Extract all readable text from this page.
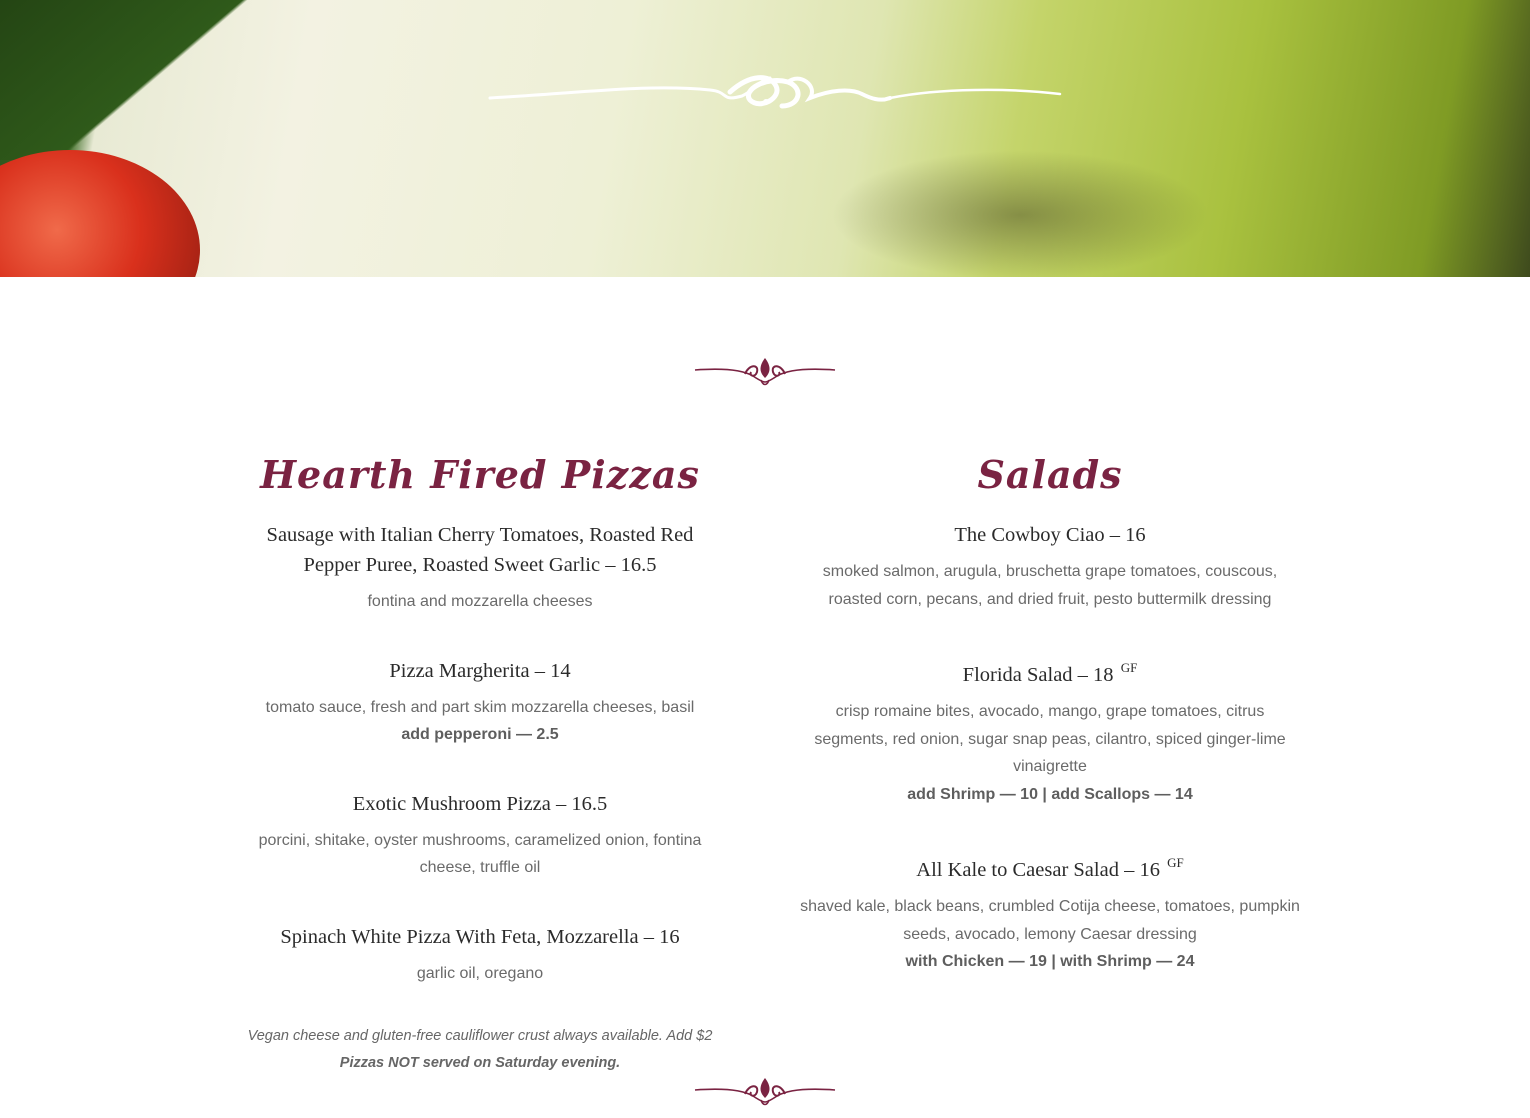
Hearth Fired Pizzas
Sausage with Italian Cherry Tomatoes, Roasted Red Pepper Puree, Roasted Sweet Garlic – 16.5
fontina and mozzarella cheeses
Pizza Margherita – 14
tomato sauce, fresh and part skim mozzarella cheeses, basil
add pepperoni — 2.5
Exotic Mushroom Pizza – 16.5
porcini, shitake, oyster mushrooms, caramelized onion, fontina cheese, truffle oil
Spinach White Pizza With Feta, Mozzarella – 16
garlic oil, oregano
Vegan cheese and gluten-free cauliflower crust always available. Add $2
Pizzas NOT served on Saturday evening.
Salads
The Cowboy Ciao – 16
smoked salmon, arugula, bruschetta grape tomatoes, couscous, roasted corn, pecans, and dried fruit, pesto buttermilk dressing
Florida Salad – 18 $^{GF}$
crisp romaine bites, avocado, mango, grape tomatoes, citrus segments, red onion, sugar snap peas, cilantro, spiced ginger-lime vinaigrette
add Shrimp — 10 | add Scallops — 14
All Kale to Caesar Salad – 16 $^{GF}$
shaved kale, black beans, crumbled Cotija cheese, tomatoes, pumpkin seeds, avocado, lemony Caesar dressing
with Chicken — 19 | with Shrimp — 24
